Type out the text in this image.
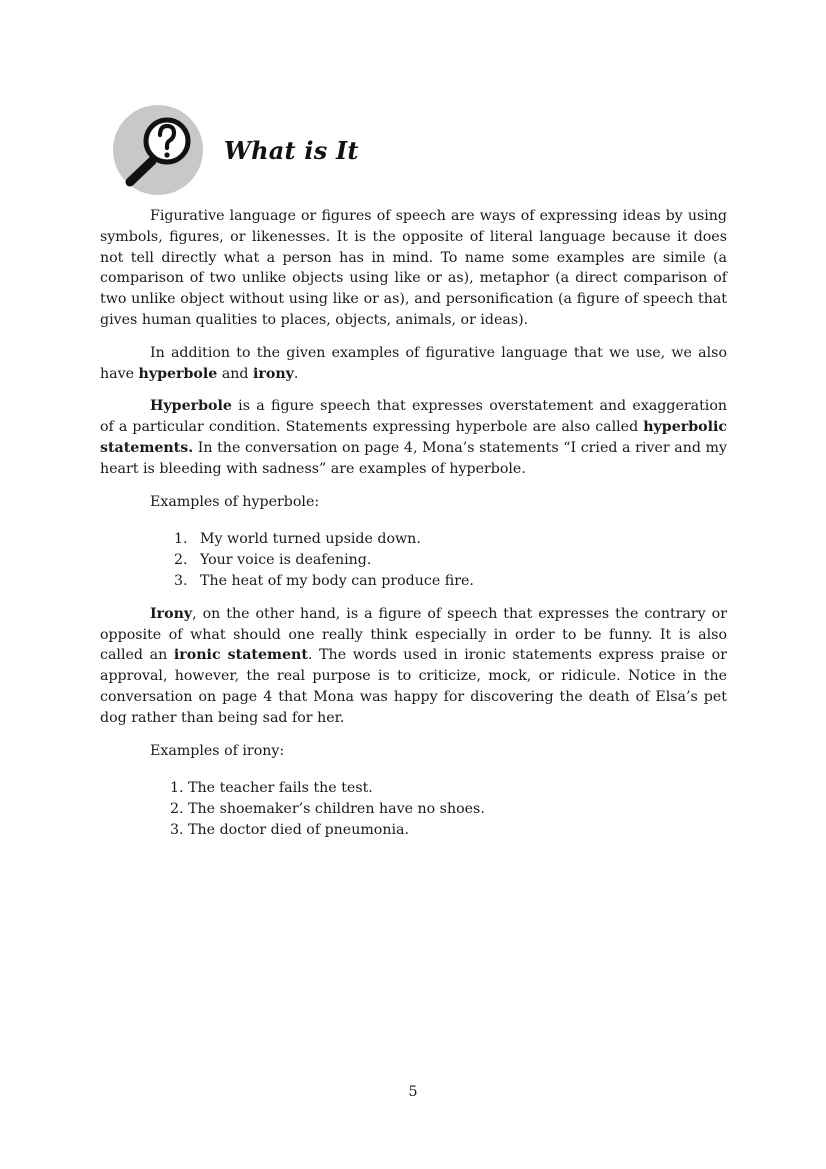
What is It

Figurative language or figures of speech are ways of expressing ideas by using symbols, figures, or likenesses. It is the opposite of literal language because it does not tell directly what a person has in mind. To name some examples are simile (a comparison of two unlike objects using like or as), metaphor (a direct comparison of two unlike object without using like or as), and personification (a figure of speech that gives human qualities to places, objects, animals, or ideas).

In addition to the given examples of figurative language that we use, we also have hyperbole and irony.

Hyperbole is a figure speech that expresses overstatement and exaggeration of a particular condition. Statements expressing hyperbole are also called hyperbolic statements. In the conversation on page 4, Mona’s statements “I cried a river and my heart is bleeding with sadness” are examples of hyperbole.

Examples of hyperbole:

1. My world turned upside down.
2. Your voice is deafening.
3. The heat of my body can produce fire.

Irony, on the other hand, is a figure of speech that expresses the contrary or opposite of what should one really think especially in order to be funny. It is also called an ironic statement. The words used in ironic statements express praise or approval, however, the real purpose is to criticize, mock, or ridicule. Notice in the conversation on page 4 that Mona was happy for discovering the death of Elsa’s pet dog rather than being sad for her.

Examples of irony:

1. The teacher fails the test.
2. The shoemaker’s children have no shoes.
3. The doctor died of pneumonia.
5
